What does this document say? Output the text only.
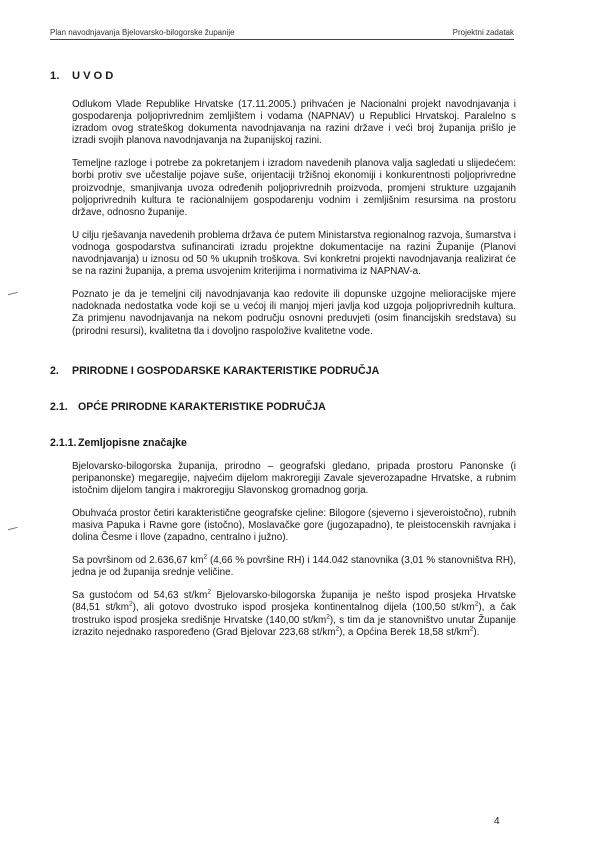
Plan navodnjavanja Bjelovarsko-bilogorske županije	Projektni zadatak
1. UVOD

Odlukom Vlade Republike Hrvatske (17.11.2005.) prihvaćen je Nacionalni projekt navodnjavanja i gospodarenja poljoprivrednim zemljištem i vodama (NAPNAV) u Republici Hrvatskoj. Paralelno s izradom ovog strateškog dokumenta navodnjavanja na razini države i veći broj županija prišlo je izradi svojih planova navodnjavanja na županijskoj razini.

Temeljne razloge i potrebe za pokretanjem i izradom navedenih planova valja sagledati u slijedećem: borbi protiv sve učestalije pojave suše, orijentaciji tržišnoj ekonomiji i konkurentnosti poljoprivredne proizvodnje, smanjivanja uvoza određenih poljoprivrednih proizvoda, promjeni strukture uzgajanih poljoprivrednih kultura te racionalnijem gospodarenju vodnim i zemljišnim resursima na prostoru države, odnosno županije.

U cilju rješavanja navedenih problema država će putem Ministarstva regionalnog razvoja, šumarstva i vodnoga gospodarstva sufinancirati izradu projektne dokumentacije na razini Županije (Planovi navodnjavanja) u iznosu od 50 % ukupnih troškova. Svi konkretni projekti navodnjavanja realizirat će se na razini županija, a prema usvojenim kriterijima i normativima iz NAPNAV-a.

Poznato je da je temeljni cilj navodnjavanja kao redovite ili dopunske uzgojne melioracijske mjere nadoknada nedostatka vode koji se u većoj ili manjoj mjeri javlja kod uzgoja poljoprivrednih kultura. Za primjenu navodnjavanja na nekom području osnovni preduvjeti (osim financijskih sredstava) su (prirodni resursi), kvalitetna tla i dovoljno raspoložive kvalitetne vode.

2. PRIRODNE I GOSPODARSKE KARAKTERISTIKE PODRUČJA
2.1. OPĆE PRIRODNE KARAKTERISTIKE PODRUČJA
2.1.1.Zemljopisne značajke

Bjelovarsko-bilogorska županija, prirodno – geografski gledano, pripada prostoru Panonske (i peripanonske) megaregije, najvećim dijelom makroregiji Zavale sjeverozapadne Hrvatske, a rubnim istočnim dijelom tangira i makroregiju Slavonskog gromadnog gorja.

Obuhvaća prostor četiri karakteristične geografske cjeline: Bilogore (sjeverno i sjeveroistočno), rubnih masiva Papuka i Ravne gore (istočno), Moslavačke gore (jugozapadno), te pleistocenskih ravnjaka i dolina Česme i Ilove (zapadno, centralno i južno).

Sa površinom od 2.636,67 $km^2$ (4,66 % površine RH) i 144.042 stanovnika (3,01 % stanovništva RH), jedna je od županija srednje veličine.

Sa gustoćom od 54,63 $st/km^2$ Bjelovarsko-bilogorska županija je nešto ispod prosjeka Hrvatske (84,51 $st/km^2$), ali gotovo dvostruko ispod prosjeka kontinentalnog dijela (100,50 $st/km^2$), a čak trostruko ispod prosjeka središnje Hrvatske (140,00 $st/km^2$), s tim da je stanovništvo unutar Županije izrazito nejednako raspoređeno (Grad Bjelovar 223,68 $st/km^2$), a Općina Berek 18,58 $st/km^2$).

4
